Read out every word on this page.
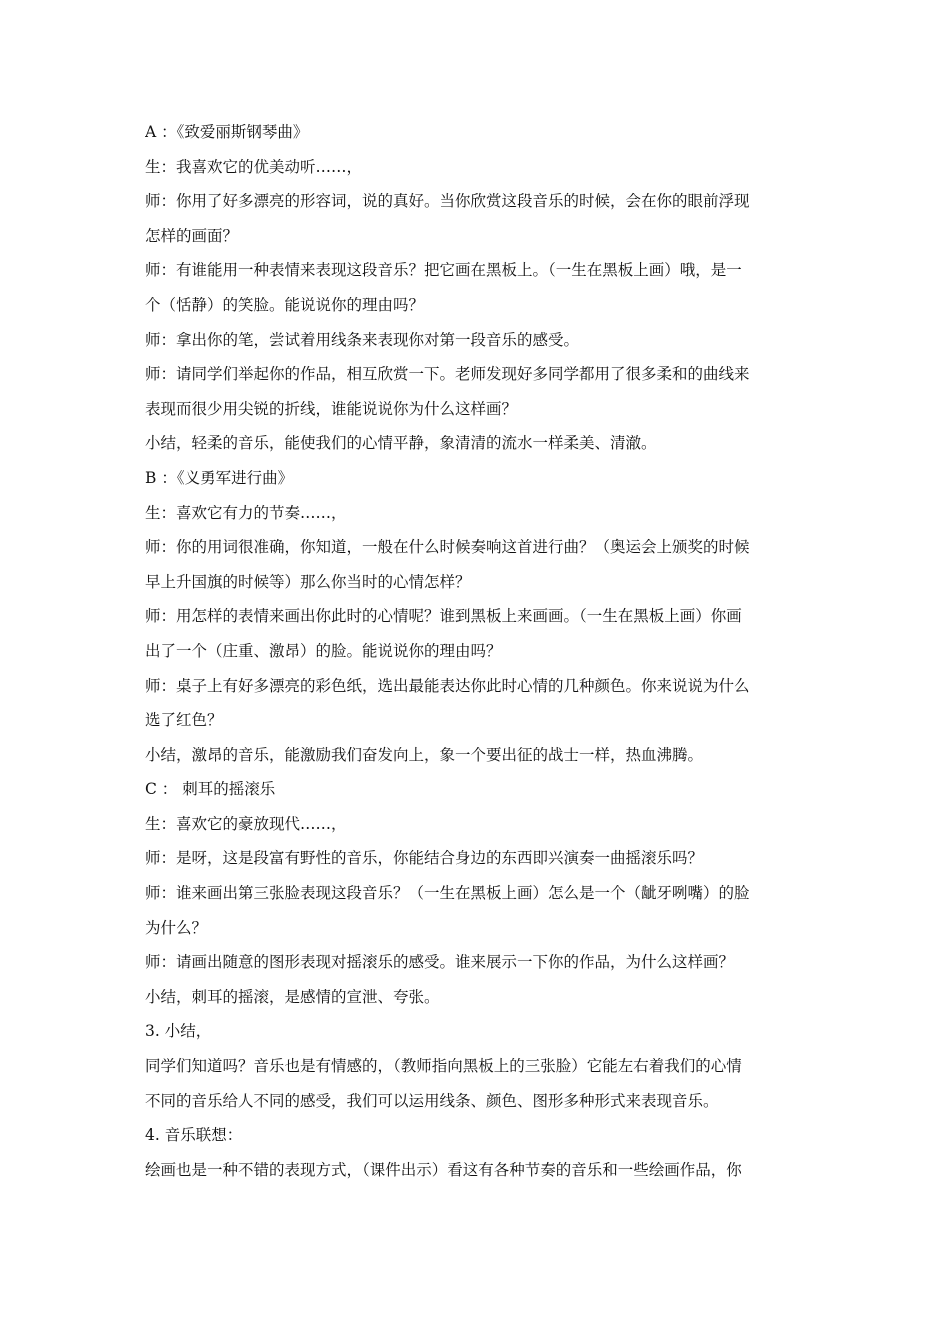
A ：《致爱丽斯钢琴曲》
生：我喜欢它的优美动听……，
师：你用了好多漂亮的形容词，说的真好。当你欣赏这段音乐的时候，会在你的眼前浮现
怎样的画面？
师：有谁能用一种表情来表现这段音乐？把它画在黑板上。（一生在黑板上画）哦，是一
个（恬静）的笑脸。能说说你的理由吗？
师：拿出你的笔，尝试着用线条来表现你对第一段音乐的感受。
师：请同学们举起你的作品，相互欣赏一下。老师发现好多同学都用了很多柔和的曲线来
表现而很少用尖锐的折线，谁能说说你为什么这样画？
小结，轻柔的音乐，能使我们的心情平静，象清清的流水一样柔美、清澈。
B ：《义勇军进行曲》
生：喜欢它有力的节奏……，
师：你的用词很准确，你知道，一般在什么时候奏响这首进行曲？（奥运会上颁奖的时候
早上升国旗的时候等）那么你当时的心情怎样？
师：用怎样的表情来画出你此时的心情呢？谁到黑板上来画画。（一生在黑板上画）你画
出了一个（庄重、激昂）的脸。能说说你的理由吗？
师：桌子上有好多漂亮的彩色纸，选出最能表达你此时心情的几种颜色。你来说说为什么
选了红色？
小结，激昂的音乐，能激励我们奋发向上，象一个要出征的战士一样，热血沸腾。
C ： 刺耳的摇滚乐
生：喜欢它的豪放现代……，
师：是呀，这是段富有野性的音乐，你能结合身边的东西即兴演奏一曲摇滚乐吗？
师：谁来画出第三张脸表现这段音乐？（一生在黑板上画）怎么是一个（龇牙咧嘴）的脸
为什么？
师：请画出随意的图形表现对摇滚乐的感受。谁来展示一下你的作品，为什么这样画？
小结，刺耳的摇滚，是感情的宣泄、夸张。
3. 小结，
同学们知道吗？音乐也是有情感的，（教师指向黑板上的三张脸）它能左右着我们的心情
不同的音乐给人不同的感受，我们可以运用线条、颜色、图形多种形式来表现音乐。
4. 音乐联想：
绘画也是一种不错的表现方式，（课件出示）看这有各种节奏的音乐和一些绘画作品，你
